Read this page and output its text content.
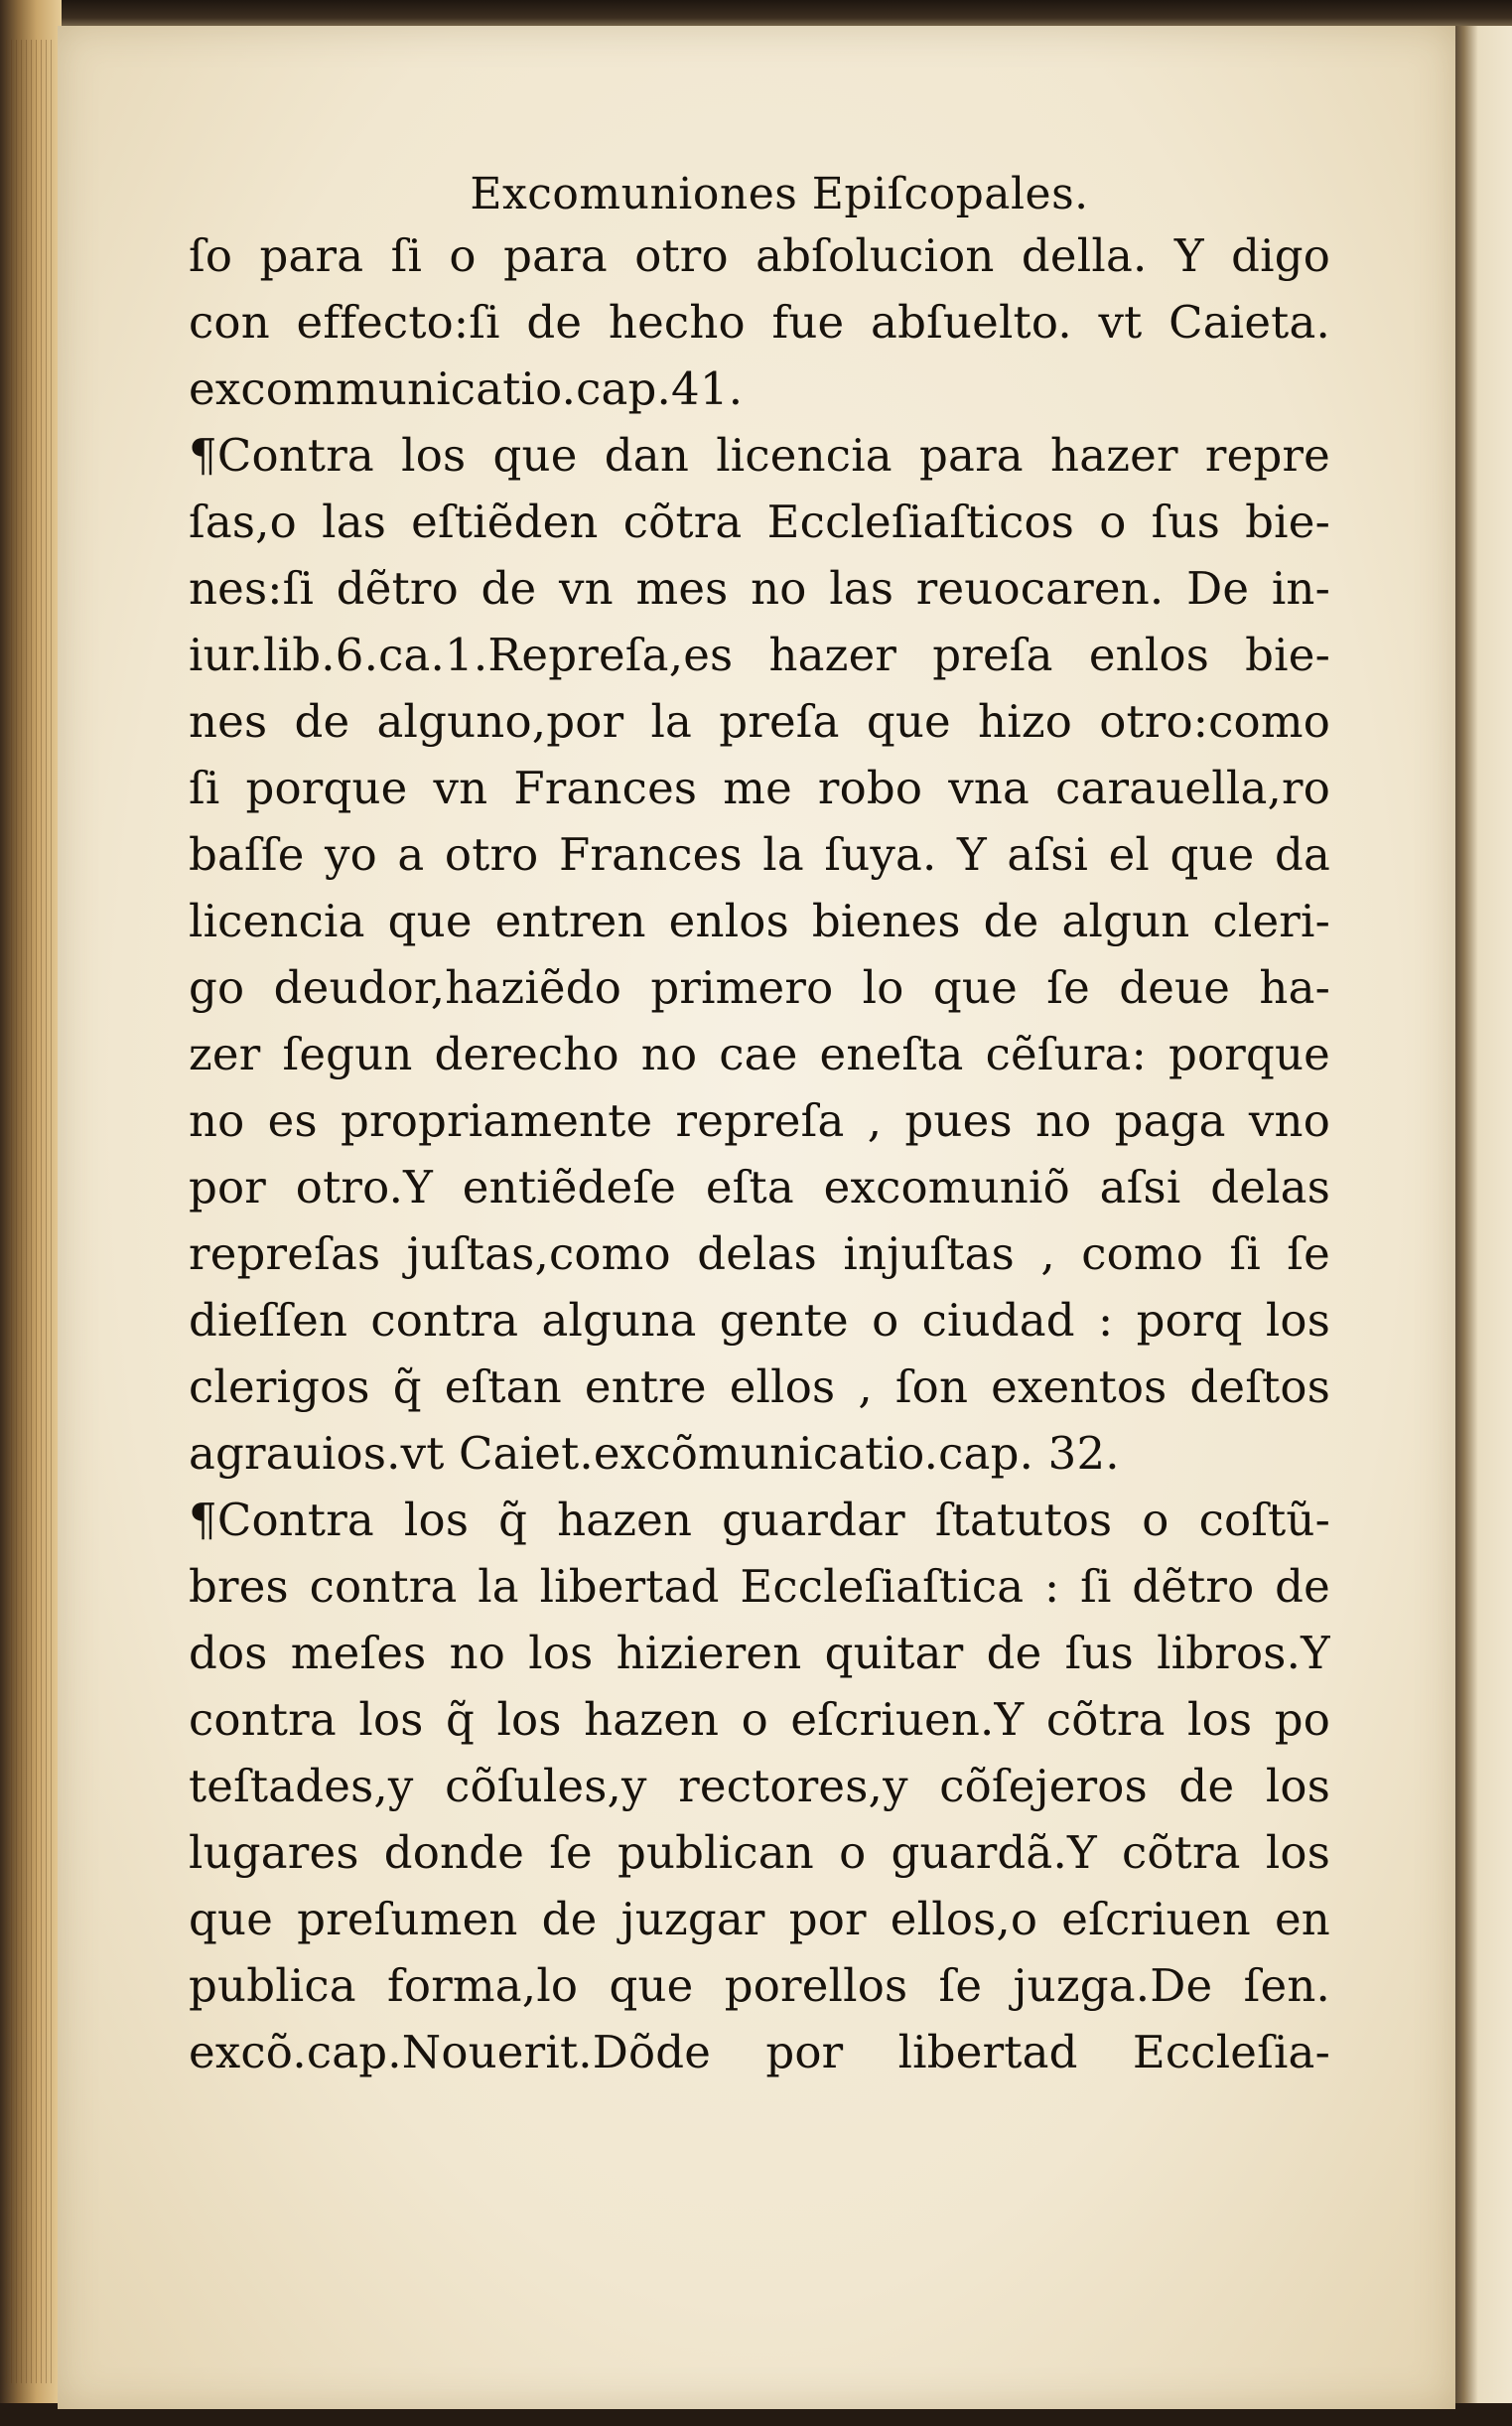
Excomuniones Epiſcopales.
ſo para ſi o para otro abſolucion della. Y digo
con effecto:ſi de hecho fue abſuelto. vt Caieta.
excommunicatio.cap.41.
¶Contra los que dan licencia para hazer repre
ſas,o las eſtiẽden cõtra Eccleſiaſticos o ſus bie-
nes:ſi dẽtro de vn mes no las reuocaren. De in-
iur.lib.6.ca.1.Repreſa,es hazer preſa enlos bie-
nes de alguno,por la preſa que hizo otro:como
ſi porque vn Frances me robo vna carauella,ro
baſſe yo a otro Frances la ſuya. Y aſsi el que da
licencia que entren enlos bienes de algun cleri-
go deudor,haziẽdo primero lo que ſe deue ha-
zer ſegun derecho no cae eneſta cẽſura: porque
no es propriamente repreſa , pues no paga vno
por otro.Y entiẽdeſe eſta excomuniõ aſsi delas
repreſas juſtas,como delas injuſtas , como ſi ſe
dieſſen contra alguna gente o ciudad : porq los
clerigos q̃ eſtan entre ellos , ſon exentos deſtos
agrauios.vt Caiet.excõmunicatio.cap. 32.
¶Contra los q̃ hazen guardar ſtatutos o coſtũ-
bres contra la libertad Eccleſiaſtica : ſi dẽtro de
dos meſes no los hizieren quitar de ſus libros.Y
contra los q̃ los hazen o eſcriuen.Y cõtra los po
teſtades,y cõſules,y rectores,y cõſejeros de los
lugares donde ſe publican o guardã.Y cõtra los
que preſumen de juzgar por ellos,o eſcriuen en
publica forma,lo que porellos ſe juzga.De ſen.
excõ.cap.Nouerit.Dõde por libertad Eccleſia-
